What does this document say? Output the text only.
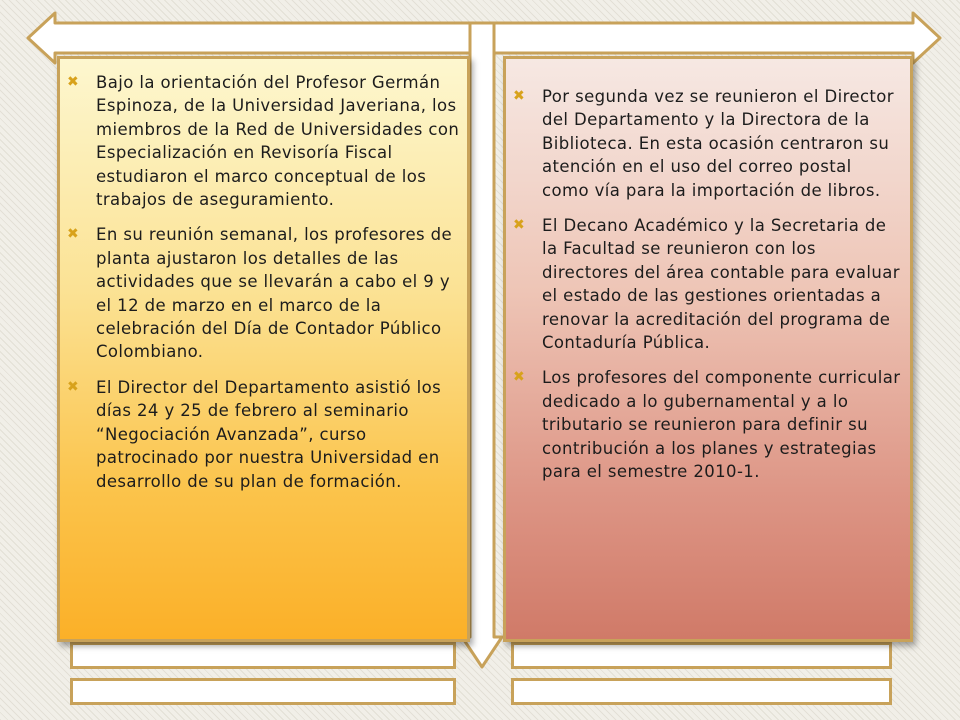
✖ Bajo la orientación del Profesor Germán Espinoza, de la Universidad Javeriana, los miembros de la Red de Universidades con Especialización en Revisoría Fiscal estudiaron el marco conceptual de los trabajos de aseguramiento.
✖ En su reunión semanal, los profesores de planta ajustaron los detalles de las actividades que se llevarán a cabo el 9 y el 12 de marzo en el marco de la celebración del Día de Contador Público Colombiano.
✖ El Director del Departamento asistió los días 24 y 25 de febrero al seminario “Negociación Avanzada”, curso patrocinado por nuestra Universidad en desarrollo de su plan de formación.
✖ Por segunda vez se reunieron el Director del Departamento y la Directora de la Biblioteca. En esta ocasión centraron su atención en el uso del correo postal como vía para la importación de libros.
✖ El Decano Académico y la Secretaria de la Facultad se reunieron con los directores del área contable para evaluar el estado de las gestiones orientadas a renovar la acreditación del programa de Contaduría Pública.
✖ Los profesores del componente curricular dedicado a lo gubernamental y a lo tributario se reunieron para definir su contribución a los planes y estrategias para el semestre 2010-1.
